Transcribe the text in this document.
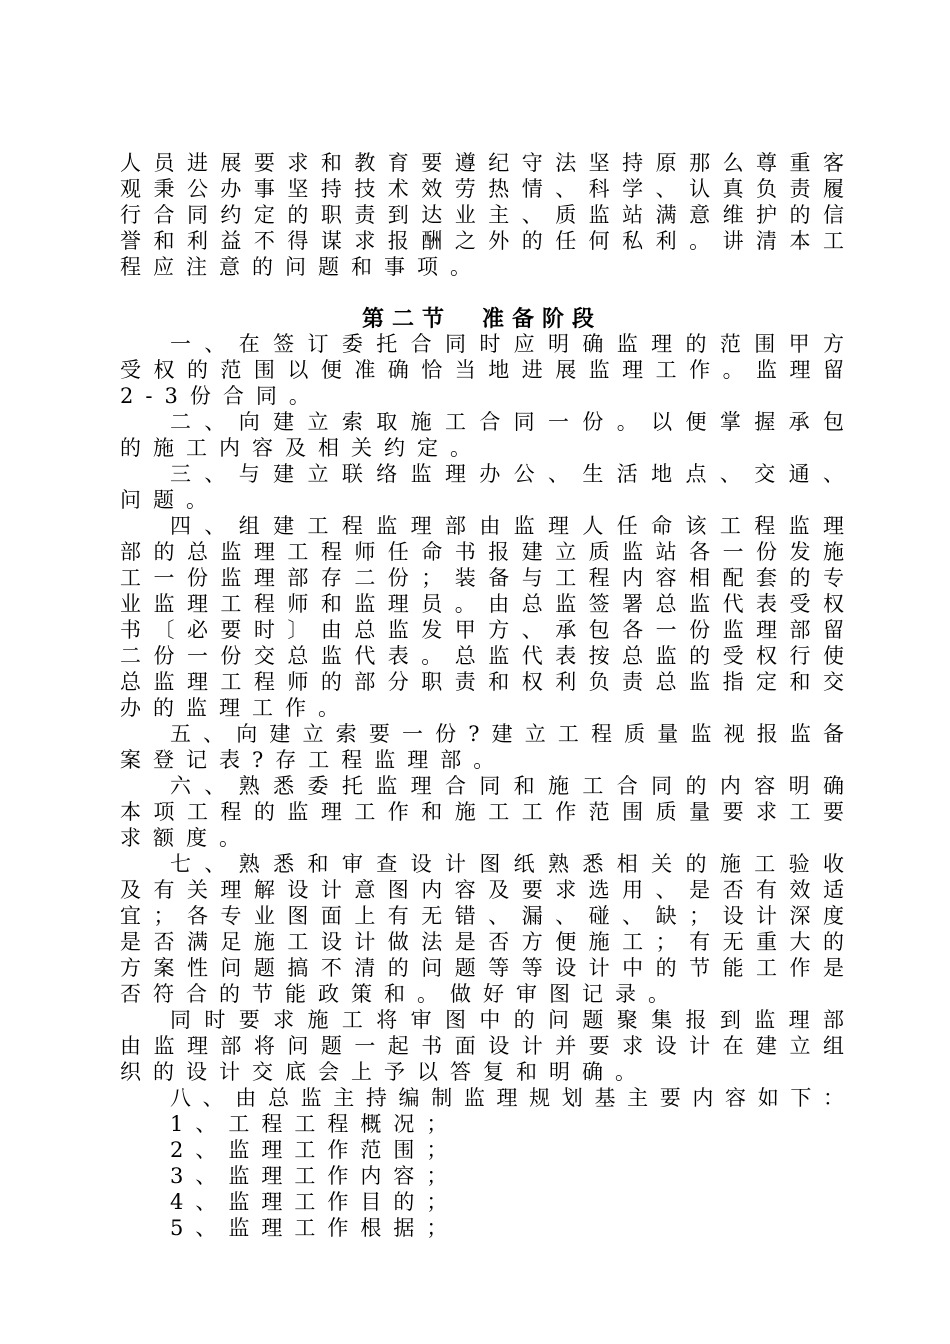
人员进展要求和教育要遵纪守法坚持原那么尊重客
观秉公办事坚持技术效劳热情、科学、认真负责履
行合同约定的职责到达业主、质监站满意维护的信
誉和利益不得谋求报酬之外的任何私利。讲清本工
程应注意的问题和事项。
第二节　准备阶段
一、在签订委托合同时应明确监理的范围甲方
受权的范围以便准确恰当地进展监理工作。监理留
2-3份合同。
二、向建立索取施工合同一份。以便掌握承包
的施工内容及相关约定。
三、与建立联络监理办公、生活地点、交通、
问题。
四、组建工程监理部由监理人任命该工程监理
部的总监理工程师任命书报建立质监站各一份发施
工一份监理部存二份；装备与工程内容相配套的专
业监理工程师和监理员。由总监签署总监代表受权
书〔必要时〕由总监发甲方、承包各一份监理部留
二份一份交总监代表。总监代表按总监的受权行使
总监理工程师的部分职责和权利负责总监指定和交
办的监理工作。
五、向建立索要一份?建立工程质量监视报监备
案登记表?存工程监理部。
六、熟悉委托监理合同和施工合同的内容明确
本项工程的监理工作和施工工作范围质量要求工要
求额度。
七、熟悉和审查设计图纸熟悉相关的施工验收
及有关理解设计意图内容及要求选用、是否有效适
宜；各专业图面上有无错、漏、碰、缺；设计深度
是否满足施工设计做法是否方便施工；有无重大的
方案性问题搞不清的问题等等设计中的节能工作是
否符合的节能政策和。做好审图记录。
同时要求施工将审图中的问题聚集报到监理部
由监理部将问题一起书面设计并要求设计在建立组
织的设计交底会上予以答复和明确。
八、由总监主持编制监理规划基主要内容如下：
1、工程工程概况；
2、监理工作范围；
3、监理工作内容；
4、监理工作目的；
5、监理工作根据；
